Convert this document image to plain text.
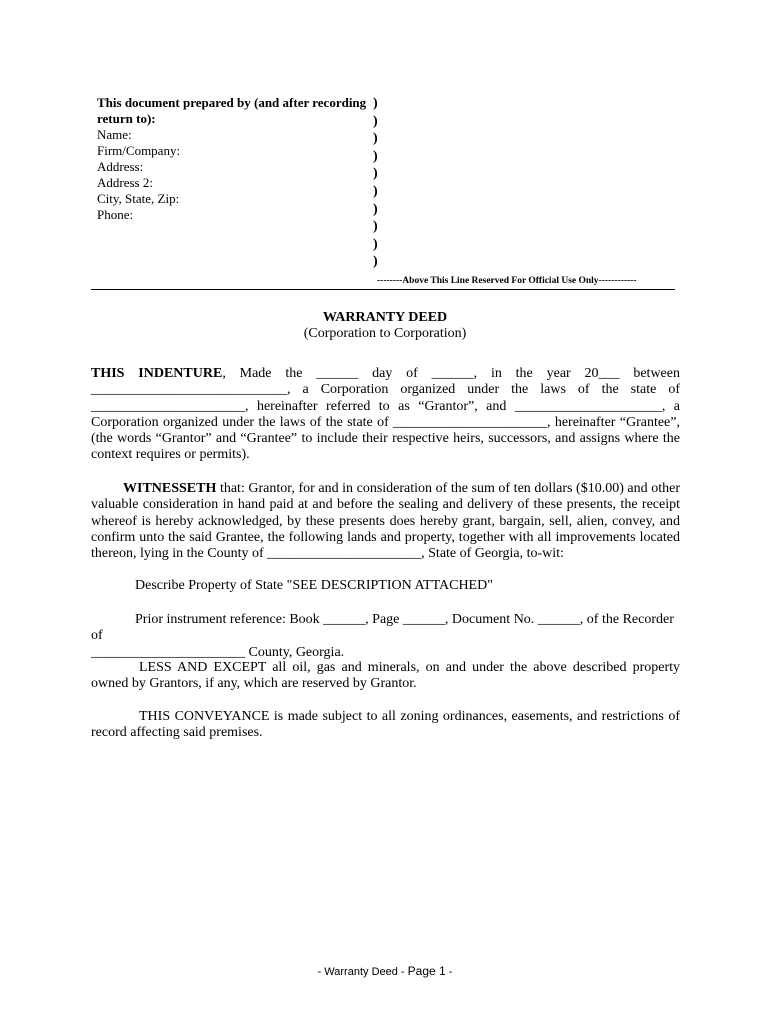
This document prepared by (and after recording return to):
Name:
Firm/Company:
Address:
Address 2:
City, State, Zip:
Phone:
)
)
)
)
)
)
)
)
)
)
--------Above This Line Reserved For Official Use Only------------
WARRANTY DEED
(Corporation to Corporation)
THIS INDENTURE, Made the ______ day of ______, in the year 20___ between ____________________________, a Corporation organized under the laws of the state of ______________________, hereinafter referred to as “Grantor”, and _____________________, a Corporation organized under the laws of the state of ______________________, hereinafter “Grantee”, (the words “Grantor” and “Grantee” to include their respective heirs, successors, and assigns where the context requires or permits).
WITNESSETH that: Grantor, for and in consideration of the sum of ten dollars ($10.00) and other valuable consideration in hand paid at and before the sealing and delivery of these presents, the receipt whereof is hereby acknowledged, by these presents does hereby grant, bargain, sell, alien, convey, and confirm unto the said Grantee, the following lands and property, together with all improvements located thereon, lying in the County of ______________________, State of Georgia, to-wit:
Describe Property of State "SEE DESCRIPTION ATTACHED"
Prior instrument reference: Book ______, Page ______, Document No. ______, of the Recorder of
______________________ County, Georgia.
LESS AND EXCEPT all oil, gas and minerals, on and under the above described property owned by Grantors, if any, which are reserved by Grantor.
THIS CONVEYANCE is made subject to all zoning ordinances, easements, and restrictions of record affecting said premises.
- Warranty Deed - Page 1 -
